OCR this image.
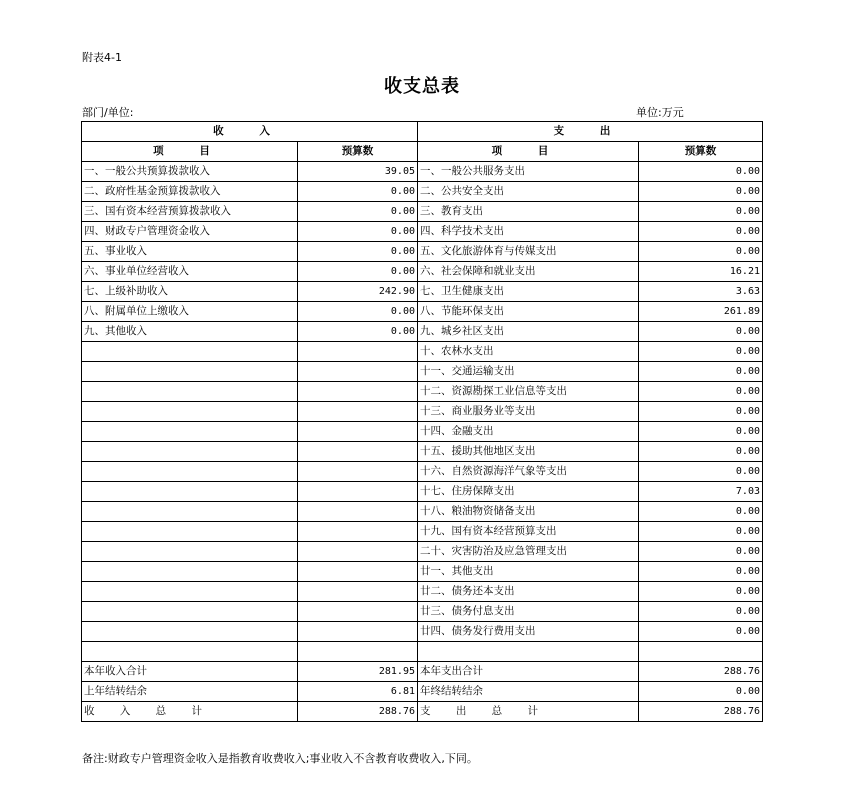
附表4-1
收支总表
部门/单位:	单位:万元
收 入		支 出	
项 目	预算数	项 目	预算数
一、一般公共预算拨款收入	39.05	一、一般公共服务支出	0.00
二、政府性基金预算拨款收入	0.00	二、公共安全支出	0.00
三、国有资本经营预算拨款收入	0.00	三、教育支出	0.00
四、财政专户管理资金收入	0.00	四、科学技术支出	0.00
五、事业收入	0.00	五、文化旅游体育与传媒支出	0.00
六、事业单位经营收入	0.00	六、社会保障和就业支出	16.21
七、上级补助收入	242.90	七、卫生健康支出	3.63
八、附属单位上缴收入	0.00	八、节能环保支出	261.89
九、其他收入	0.00	九、城乡社区支出	0.00
		十、农林水支出	0.00
		十一、交通运输支出	0.00
		十二、资源勘探工业信息等支出	0.00
		十三、商业服务业等支出	0.00
		十四、金融支出	0.00
		十五、援助其他地区支出	0.00
		十六、自然资源海洋气象等支出	0.00
		十七、住房保障支出	7.03
		十八、粮油物资储备支出	0.00
		十九、国有资本经营预算支出	0.00
		二十、灾害防治及应急管理支出	0.00
		廿一、其他支出	0.00
		廿二、债务还本支出	0.00
		廿三、债务付息支出	0.00
		廿四、债务发行费用支出	0.00

本年收入合计	281.95	本年支出合计	288.76
上年结转结余	6.81	年终结转结余	0.00
收 入 总 计	288.76	支 出 总 计	288.76
备注:财政专户管理资金收入是指教育收费收入;事业收入不含教育收费收入,下同。
